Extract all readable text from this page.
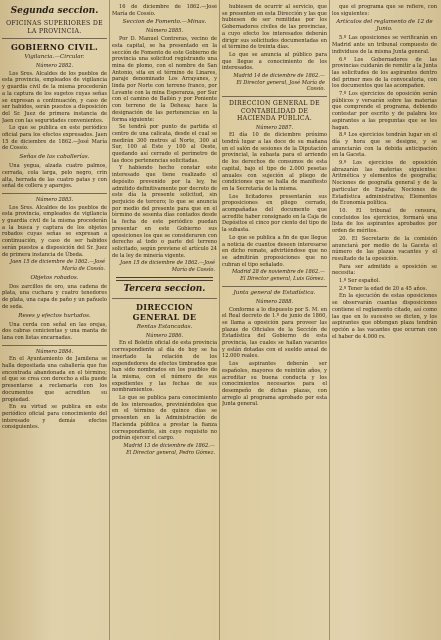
Segunda seccion.
OFICINAS SUPERIORES DE LA PROVINCIA.
GOBIERNO CIVIL.
Vigilancia.—Circular.
Número 2882.

Los Sres. Alcaldes de los pueblos de esta provincia, empleados de vigilancia y guardia civil de la misma procederán a la captura de los sugetos cuyas señas se expresan a continuación, y caso de ser habidos, serán puestos a disposición del Sr. Juez de primera instancia de Jaen con las seguridades convenientes.

Lo que se publica en este periódico oficial para los efectos expresados. Jaen 15 de diciembre de 1862.—José María de Cossío.

Señas de las caballerías.

Una yegua, alzada cuatro palmos, cerrada, cola larga, pelo negro, crin alta, herrada de las cuatro patas y con señal de collera y aparejos.

Número 2883.

Los Sres. Alcaldes de los pueblos de esta provincia, empleados de vigilancia y guardia civil de la misma procederán a la busca y captura de los objetos robados cuyas señas se expresan a continuación, y caso de ser habidos serán puestos a disposición del Sr. Juez de primera instancia de Úbeda.

Jaen 15 de diciembre de 1862.—José María de Cossío.

Objetos robados.

Dos zarcillos de oro, una cadena de plata, una cuchara y cuatro tenedores de plata, una capa de paño y un pañuelo de seda.

Reses y efectos hurtados.

Una cerda con señal en las orejas, dos cabras cenicientas y una manta de lana con listas encarnadas.

Número 2884.

En el Ayuntamiento de Jamilena se halla depositada una caballería que fue encontrada abandonada en el término; el que se crea con derecho a ella puede presentarse a reclamarla con los documentos que acrediten su propiedad.

En su virtud se publica en este periódico oficial para conocimiento del interesado y demás efectos consiguientes.

16 de diciembre de 1862.—José María de Cossío.

Seccion de Fomento.—Minas.
Número 2885.

Por D. Manuel Contreras, vecino de esta capital, se ha presentado en la sección de Fomento de este Gobierno de provincia una solicitud registrando una mina de plomo, con el nombre de San Antonio, sita en el término de Linares, paraje denominado Los Arrayanes, y linda por Norte con terreno franco, por Levante con la mina Esperanza, por Sur con el camino de Bailén y por Poniente con terreno de la Dehesa; hace la designación de las pertenencias en la forma siguiente:

Se tendrá por punto de partida el centro de una calicata, desde el cual se medirán 300 metros al Norte, 300 al Sur, 100 al Este y 100 al Oeste, quedando así cerrado el perímetro de las doce pertenencias solicitadas.

Y habiendo hecho constar este interesado que tiene realizado el depósito prevenido por la ley, he admitido definitivamente por decreto de este día la presente solicitud, sin perjuicio de tercero; lo que se anuncia por medio del presente para que en el término de sesenta días contados desde la fecha de este periódico puedan presentar en este Gobierno sus oposiciones los que se consideraren con derecho al todo o parte del terreno solicitado, según previene el artículo 24 de la ley de minería vigente.

Jaen 15 de diciembre de 1862.—José María de Cossío.

Tercera seccion.
DIRECCION GENERAL DE
Rentas Estancadas.
Número 2886.

En el Boletín oficial de esta provincia correspondiente al día de hoy se ha insertado la relación de los expendedores de efectos timbrados que han sido nombrados en los pueblos de la misma, con el número de sus expedientes y las fechas de sus nombramientos.

Lo que se publica para conocimiento de los interesados, previniéndoles que en el término de quince días se presenten en la Administración de Hacienda pública a prestar la fianza correspondiente, sin cuyo requisito no podrán ejercer el cargo.

Madrid 13 de diciembre de 1862.—El Director general, Pedro Gómez.

hubiesen de ocurrir al servicio, que se presenten en esta Dirección y las que hubiesen de ser remitidas por los Gobernadores civiles de las provincias, a cuyo efecto los interesados deberán dirigir sus solicitudes documentadas en el término de treinta días.

Lo que se anuncia al público para que llegue a conocimiento de los interesados.

Madrid 14 de diciembre de 1862.—El Director general, José María de Cossío.

DIRECCION GENERAL DE CONTABILIDAD DE HACIENDA PÚBLICA.
Número 2887.

El día 10 de diciembre próximo tendrá lugar a las doce de su mañana en el salón de sesiones de la Diputación provincial, la subasta para el arriendo de los derechos de consumos de esta capital, bajo el tipo de 2.000 pesetas anuales con sujeción al pliego de condiciones que se halla de manifiesto en la Secretaría de la misma.

Los licitadores presentarán sus proposiciones en pliego cerrado, acompañadas del documento que acredite haber consignado en la Caja de Depósitos el cinco por ciento del tipo de la subasta.

Lo que se publica a fin de que llegue a noticia de cuantos deseen interesarse en dicho remate, advirtiéndose que no se admitirán proposiciones que no cubran el tipo señalado.

Madrid 28 de noviembre de 1862.—El Director general, Luis Gómez.

Junta general de Estadística.
Número 2888.

Conforme a lo dispuesto por S. M. en el Real decreto de 1.º de junio de 1860, se llama a oposición para proveer las plazas de Oficiales de la Sección de Estadística del Gobierno de esta provincia, las cuales se hallan vacantes y están dotadas con el sueldo anual de 12.000 reales.

Los aspirantes deberán ser españoles, mayores de veintiún años, y acreditar su buena conducta y los conocimientos necesarios para el desempeño de dichas plazas, con arreglo al programa aprobado por esta Junta general.

que el programa que se refiere, con los siguientes:

Artículos del reglamento de 12 de Junio.

5.º Las oposiciones se verificarán en Madrid ante un tribunal compuesto de individuos de la misma Junta general.

6.º Los Gobernadores de las provincias cuidarán de remitir a la Junta las solicitudes de los aspirantes dentro del primer mes de la convocatoria, con los documentos que las acompañen.

7.º Los ejercicios de oposición serán públicos y versarán sobre las materias que comprende el programa, debiendo contestar por escrito y de palabra los aspirantes a las preguntas que se les hagan.

8.º Los ejercicios tendrán lugar en el día y hora que se designe, y se anunciarán con la debida anticipación en la Gaceta.

9.º Los ejercicios de oposición abrazarán las materias siguientes: Aritmética y elementos de geografía; Nociones de geografía general y de la particular de España; Nociones de Estadística administrativa; Elementos de Economía política.

10. El tribunal de censura, concluidos los ejercicios, formará una lista de los aspirantes aprobados por orden de méritos.

20. El Secretario de la comisión anunciará por medio de la Gaceta el número de las plazas vacantes y el resultado de la oposición.

Para ser admitido a oposición se necesita:

1.º Ser español.

2.º Tener la edad de 20 a 45 años.

En la ejecución de estas oposiciones se observarán cuantas disposiciones contiene el reglamento citado, así como las que en lo sucesivo se dicten, y los aspirantes que obtengan plaza tendrán opción a las vacantes que ocurran con el haber de 4.000 rs.
